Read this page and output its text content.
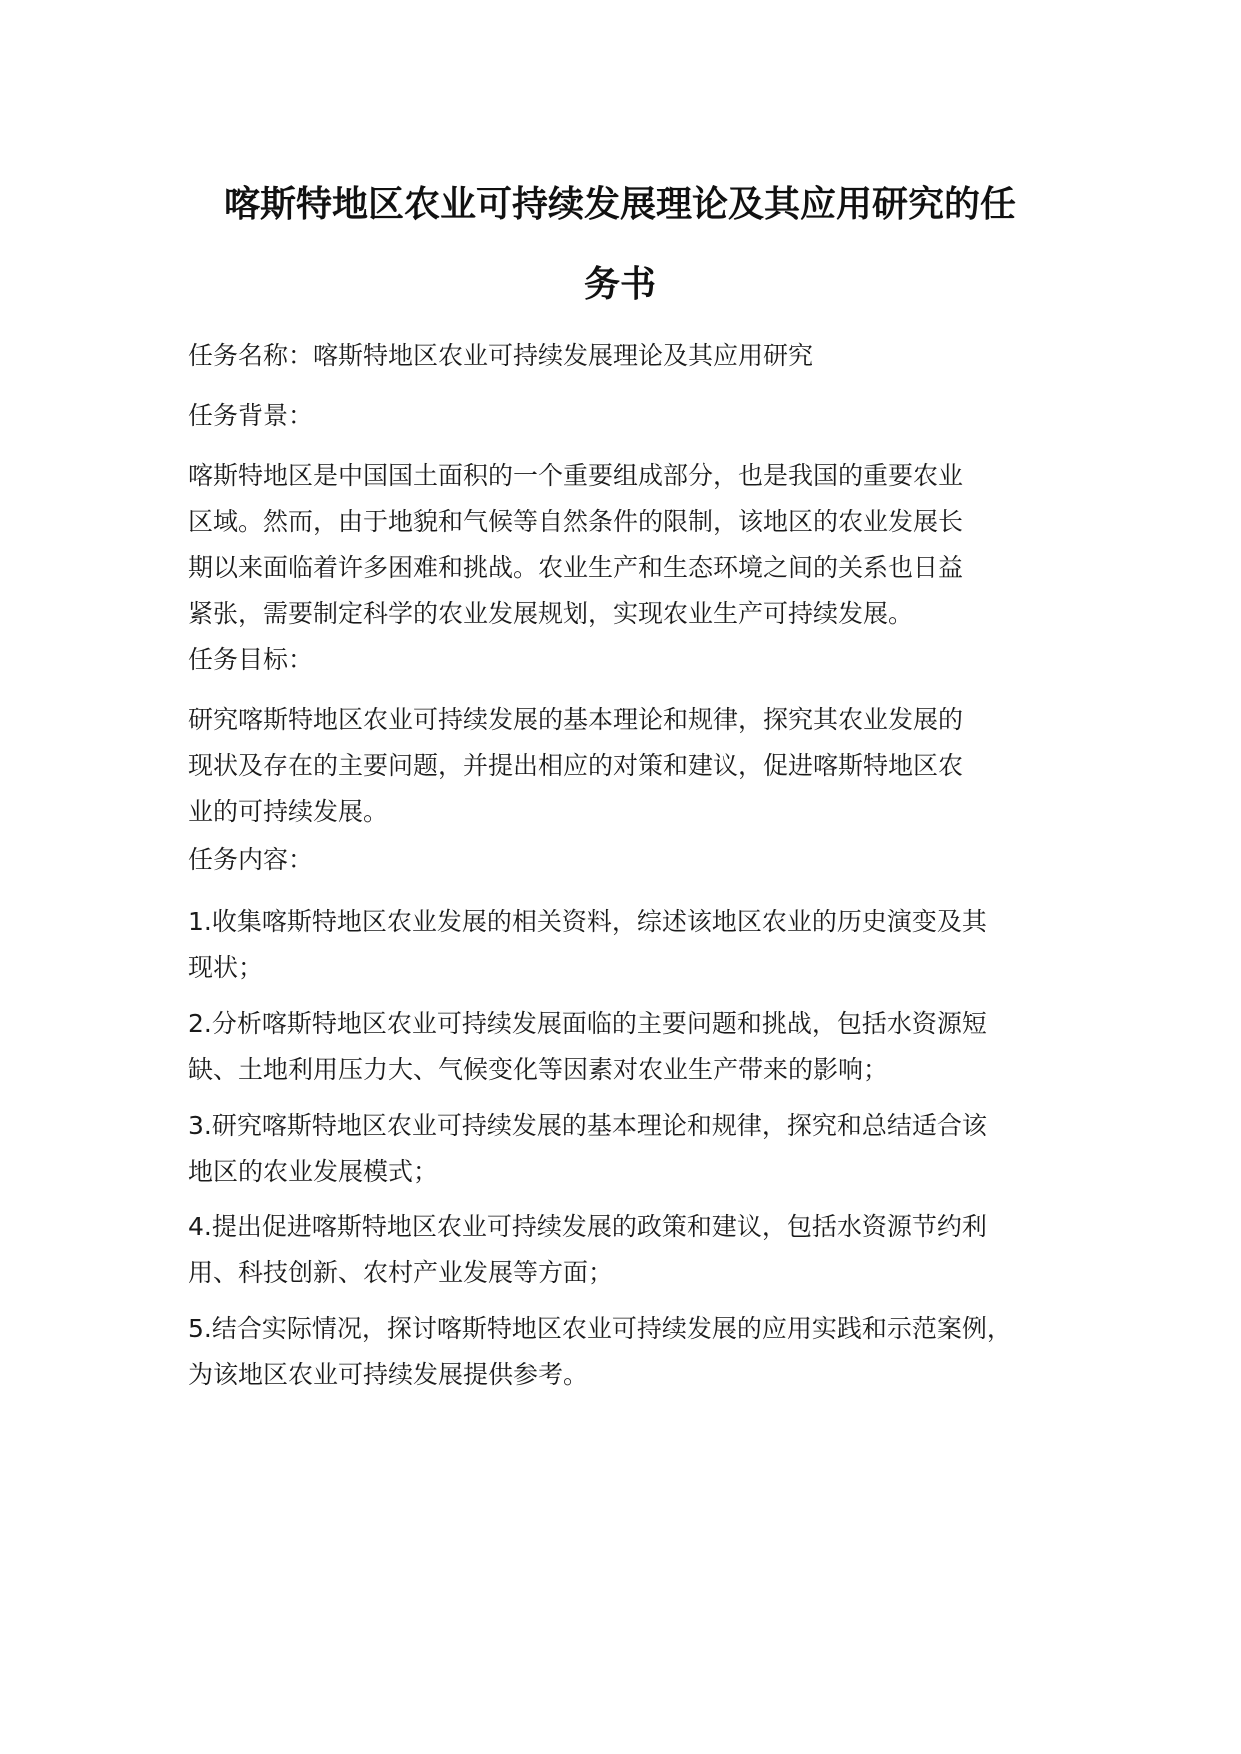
喀斯特地区农业可持续发展理论及其应用研究的任
务书

任务名称：喀斯特地区农业可持续发展理论及其应用研究

任务背景：

喀斯特地区是中国国土面积的一个重要组成部分，也是我国的重要农业
区域。然而，由于地貌和气候等自然条件的限制，该地区的农业发展长
期以来面临着许多困难和挑战。农业生产和生态环境之间的关系也日益
紧张，需要制定科学的农业发展规划，实现农业生产可持续发展。

任务目标：

研究喀斯特地区农业可持续发展的基本理论和规律，探究其农业发展的
现状及存在的主要问题，并提出相应的对策和建议，促进喀斯特地区农
业的可持续发展。

任务内容：

1.收集喀斯特地区农业发展的相关资料，综述该地区农业的历史演变及其
现状；

2.分析喀斯特地区农业可持续发展面临的主要问题和挑战，包括水资源短
缺、土地利用压力大、气候变化等因素对农业生产带来的影响；

3.研究喀斯特地区农业可持续发展的基本理论和规律，探究和总结适合该
地区的农业发展模式；

4.提出促进喀斯特地区农业可持续发展的政策和建议，包括水资源节约利
用、科技创新、农村产业发展等方面；

5.结合实际情况，探讨喀斯特地区农业可持续发展的应用实践和示范案例，
为该地区农业可持续发展提供参考。
